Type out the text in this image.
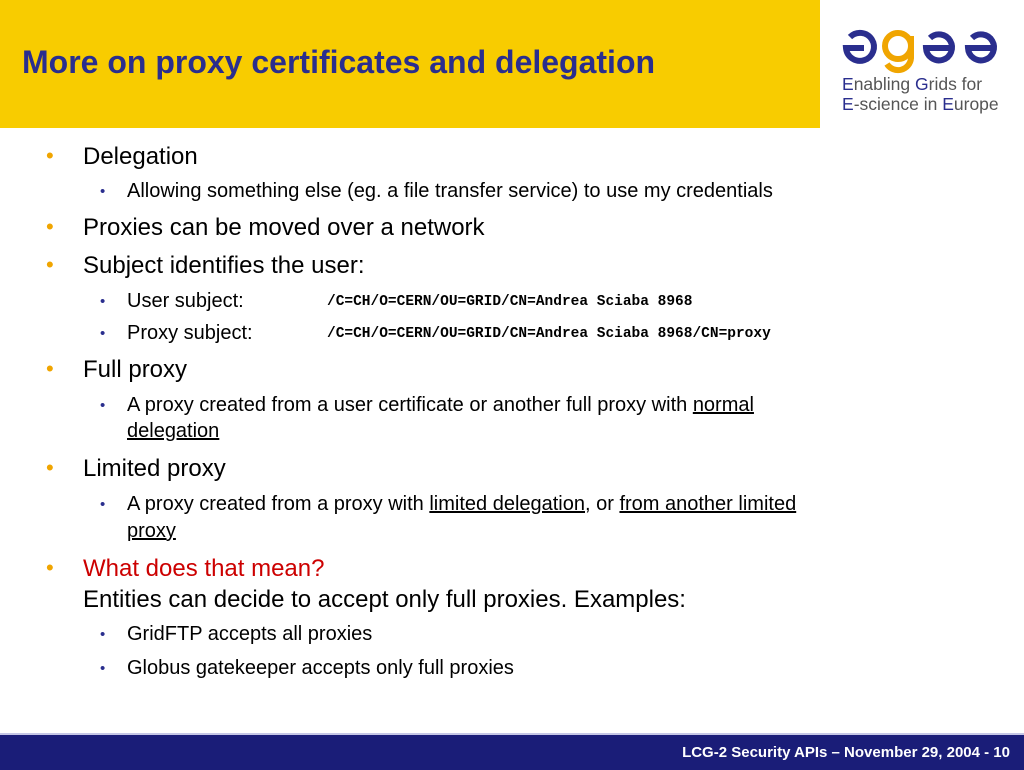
More on proxy certificates and delegation
Enabling Grids for
E-science in Europe
• Delegation
• Allowing something else (eg. a file transfer service) to use my credentials
• Proxies can be moved over a network
• Subject identifies the user:
• User subject:	/C=CH/O=CERN/OU=GRID/CN=Andrea Sciaba 8968
• Proxy subject:	/C=CH/O=CERN/OU=GRID/CN=Andrea Sciaba 8968/CN=proxy
• Full proxy
• A proxy created from a user certificate or another full proxy with normal
delegation
• Limited proxy
• A proxy created from a proxy with limited delegation, or from another limited
proxy
• What does that mean?
Entities can decide to accept only full proxies. Examples:
• GridFTP accepts all proxies
• Globus gatekeeper accepts only full proxies
LCG-2 Security APIs – November 29, 2004 - 10
